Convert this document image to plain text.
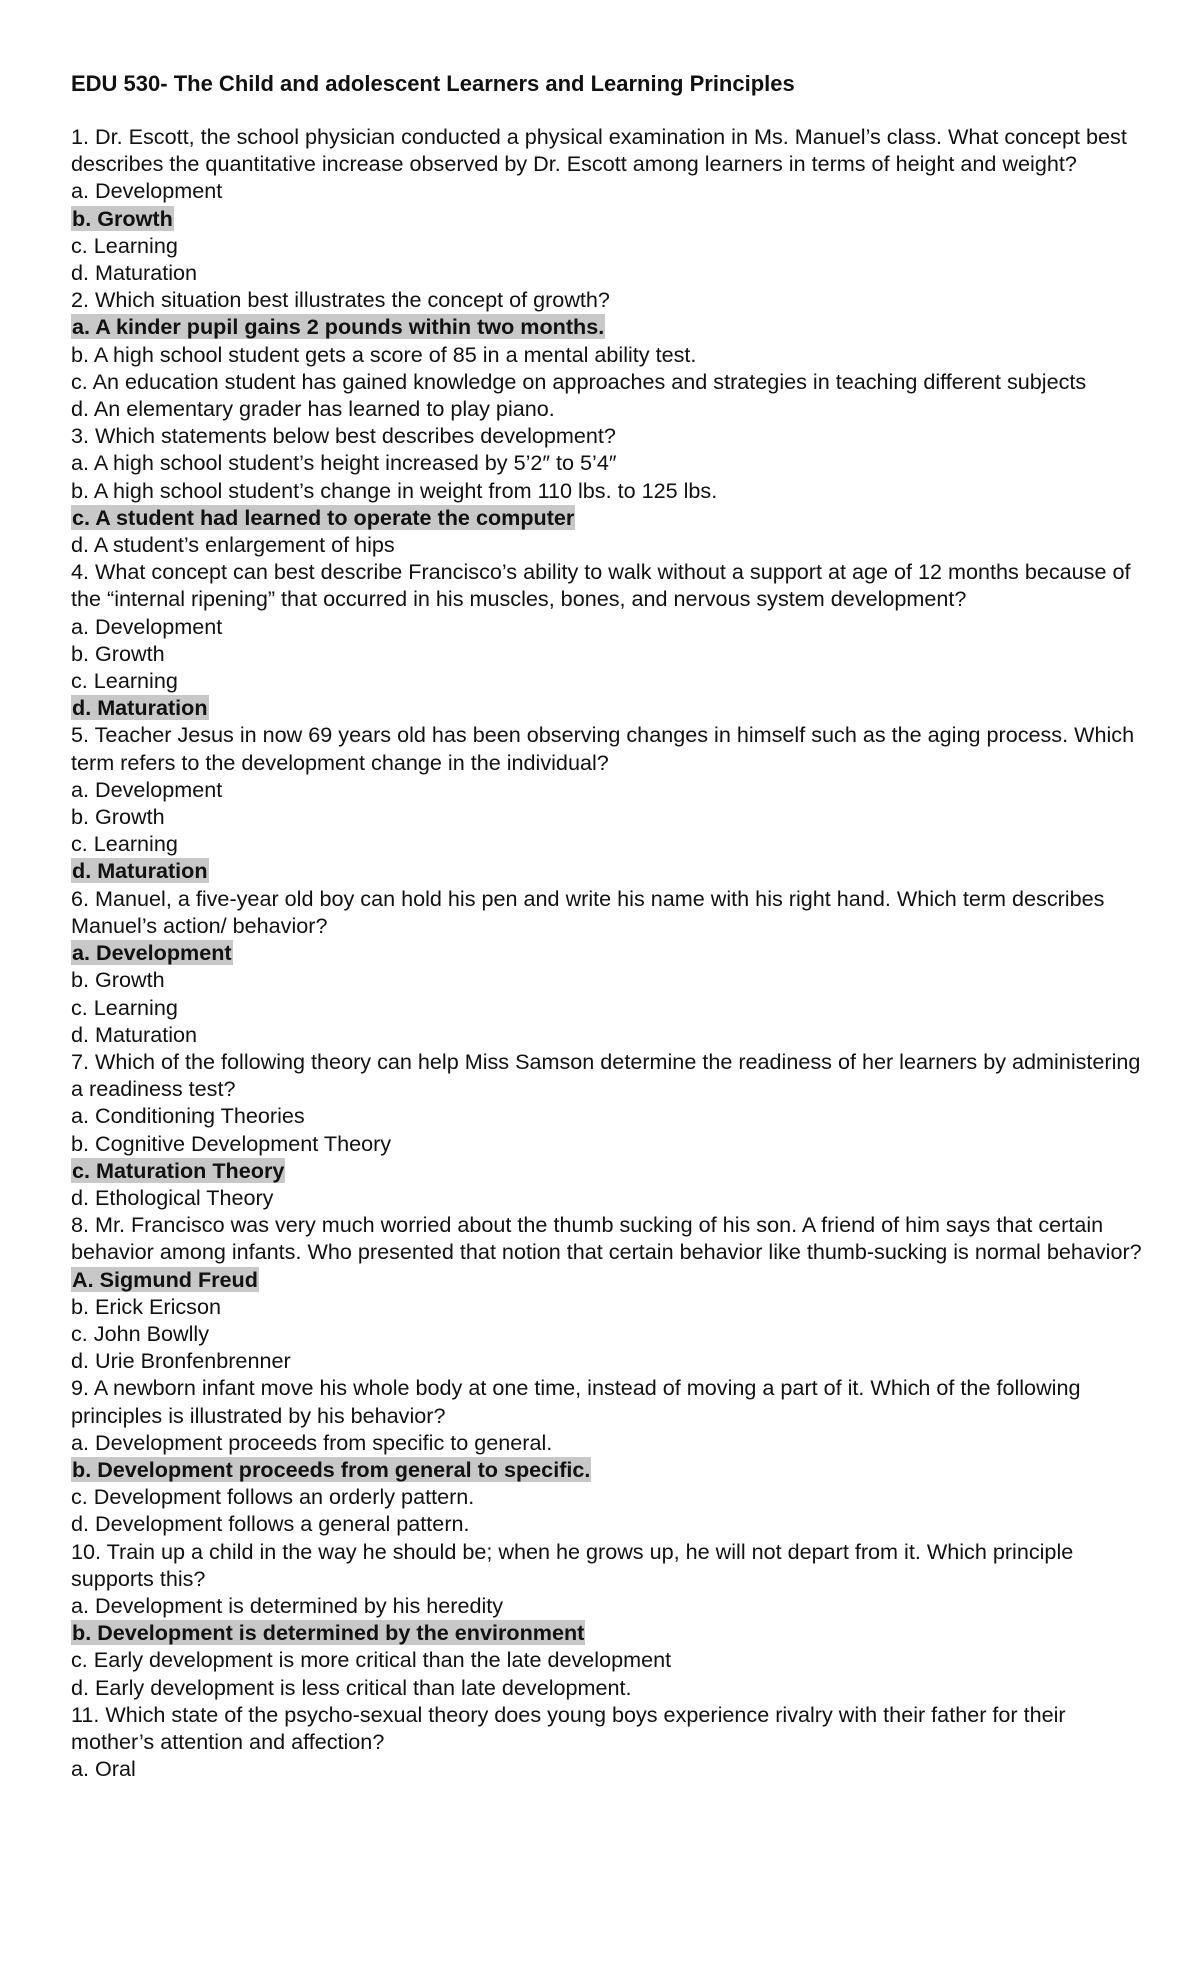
EDU 530- The Child and adolescent Learners and Learning Principles

1. Dr. Escott, the school physician conducted a physical examination in Ms. Manuel’s class. What concept best describes the quantitative increase observed by Dr. Escott among learners in terms of height and weight?

a. Development
b. Growth
c. Learning
d. Maturation

2. Which situation best illustrates the concept of growth?

a. A kinder pupil gains 2 pounds within two months.
b. A high school student gets a score of 85 in a mental ability test.
c. An education student has gained knowledge on approaches and strategies in teaching different subjects
d. An elementary grader has learned to play piano.

3. Which statements below best describes development?

a. A high school student’s height increased by 5’2″ to 5’4″
b. A high school student’s change in weight from 110 lbs. to 125 lbs.
c. A student had learned to operate the computer
d. A student’s enlargement of hips

4. What concept can best describe Francisco’s ability to walk without a support at age of 12 months because of the “internal ripening” that occurred in his muscles, bones, and nervous system development?

a. Development
b. Growth
c. Learning
d. Maturation

5. Teacher Jesus in now 69 years old has been observing changes in himself such as the aging process. Which term refers to the development change in the individual?

a. Development
b. Growth
c. Learning
d. Maturation

6. Manuel, a five-year old boy can hold his pen and write his name with his right hand. Which term describes Manuel’s action/ behavior?

a. Development
b. Growth
c. Learning
d. Maturation

7. Which of the following theory can help Miss Samson determine the readiness of her learners by administering a readiness test?

a. Conditioning Theories
b. Cognitive Development Theory
c. Maturation Theory
d. Ethological Theory

8. Mr. Francisco was very much worried about the thumb sucking of his son. A friend of him says that certain behavior among infants. Who presented that notion that certain behavior like thumb-sucking is normal behavior?

A. Sigmund Freud
b. Erick Ericson
c. John Bowlly
d. Urie Bronfenbrenner

9. A newborn infant move his whole body at one time, instead of moving a part of it. Which of the following principles is illustrated by his behavior?

a. Development proceeds from specific to general.
b. Development proceeds from general to specific.
c. Development follows an orderly pattern.
d. Development follows a general pattern.

10. Train up a child in the way he should be; when he grows up, he will not depart from it. Which principle supports this?

a. Development is determined by his heredity
b. Development is determined by the environment
c. Early development is more critical than the late development
d. Early development is less critical than late development.

11. Which state of the psycho-sexual theory does young boys experience rivalry with their father for their mother’s attention and affection?

a. Oral
